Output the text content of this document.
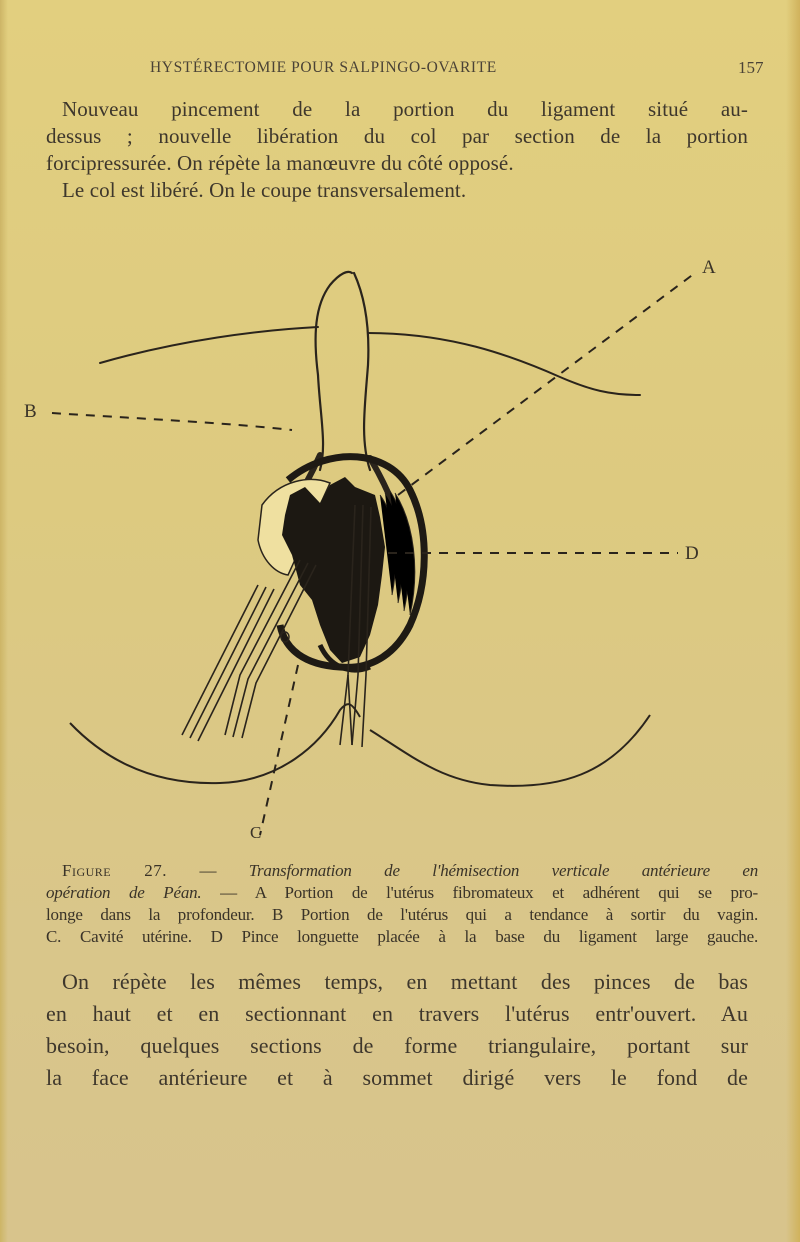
HYSTÉRECTOMIE POUR SALPINGO-OVARITE	157
Nouveau pincement de la portion du ligament situé au-
dessus ; nouvelle libération du col par section de la portion
forcipressurée. On répète la manœuvre du côté opposé.
Le col est libéré. On le coupe transversalement.
A
B
D
C
Figure 27. — Transformation de l'hémisection verticale antérieure en
opération de Péan. — A Portion de l'utérus fibromateux et adhérent qui se pro-
longe dans la profondeur. B Portion de l'utérus qui a tendance à sortir du vagin.
C. Cavité utérine. D Pince longuette placée à la base du ligament large gauche.
On répète les mêmes temps, en mettant des pinces de bas
en haut et en sectionnant en travers l'utérus entr'ouvert. Au
besoin, quelques sections de forme triangulaire, portant sur
la face antérieure et à sommet dirigé vers le fond de
